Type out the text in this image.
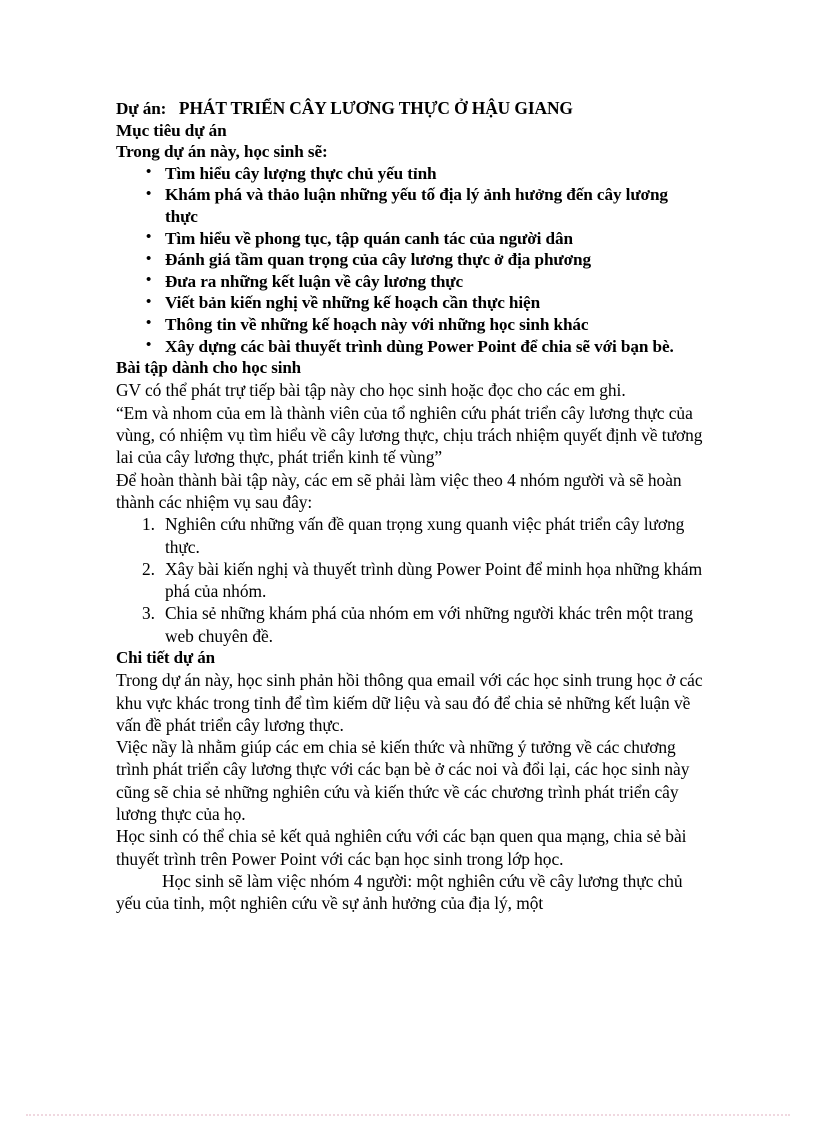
Dự án: PHÁT TRIỂN CÂY LƯƠNG THỰC Ở HẬU GIANG
Mục tiêu dự án
Trong dự án này, học sinh sẽ:
• Tìm hiểu cây lượng thực chủ yếu tỉnh
• Khám phá và thảo luận những yếu tố địa lý ảnh hưởng đến cây lương thực
• Tìm hiểu về phong tục, tập quán canh tác của người dân
• Đánh giá tầm quan trọng của cây lương thực ở địa phương
• Đưa ra những kết luận về cây lương thực
• Viết bản kiến nghị về những kế hoạch cần thực hiện
• Thông tin về những kế hoạch này với những học sinh khác
• Xây dựng các bài thuyết trình dùng Power Point để chia sẽ với bạn bè.

Bài tập dành cho học sinh

GV có thể phát trự tiếp bài tập này cho học sinh hoặc đọc cho các em ghi.

“Em và nhom của em là thành viên của tổ nghiên cứu phát triển cây lương thực của vùng, có nhiệm vụ tìm hiểu về cây lương thực, chịu trách nhiệm quyết định về tương lai của cây lương thực, phát triển kinh tế vùng”

Để hoàn thành bài tập này, các em sẽ phải làm việc theo 4 nhóm người và sẽ hoàn thành các nhiệm vụ sau đây:

1. Nghiên cứu những vấn đề quan trọng xung quanh việc phát triển cây lương thực.
2. Xây bài kiến nghị và thuyết trình dùng Power Point để minh họa những khám phá của nhóm.
3. Chia sẻ những khám phá của nhóm em với những người khác trên một trang web chuyên đề.

Chi tiết dự án

Trong dự án này, học sinh phản hồi thông qua email với các học sinh trung học ở các khu vực khác trong tỉnh để tìm kiếm dữ liệu và sau đó để chia sẻ những kết luận về vấn đề phát triển cây lương thực.

Việc nầy là nhằm giúp các em chia sẻ kiến thức và những ý tưởng về các chương trình phát triển cây lương thực với các bạn bè ở các noi và đổi lại, các học sinh này cũng sẽ chia sẻ những nghiên cứu và kiến thức về các chương trình phát triển cây lương thực của họ.

Học sinh có thể chia sẻ kết quả nghiên cứu với các bạn quen qua mạng, chia sẻ bài thuyết trình trên Power Point với các bạn học sinh trong lớp học.

Học sinh sẽ làm việc nhóm 4 người: một nghiên cứu về cây lương thực chủ yếu của tỉnh, một nghiên cứu về sự ảnh hưởng của địa lý, một
